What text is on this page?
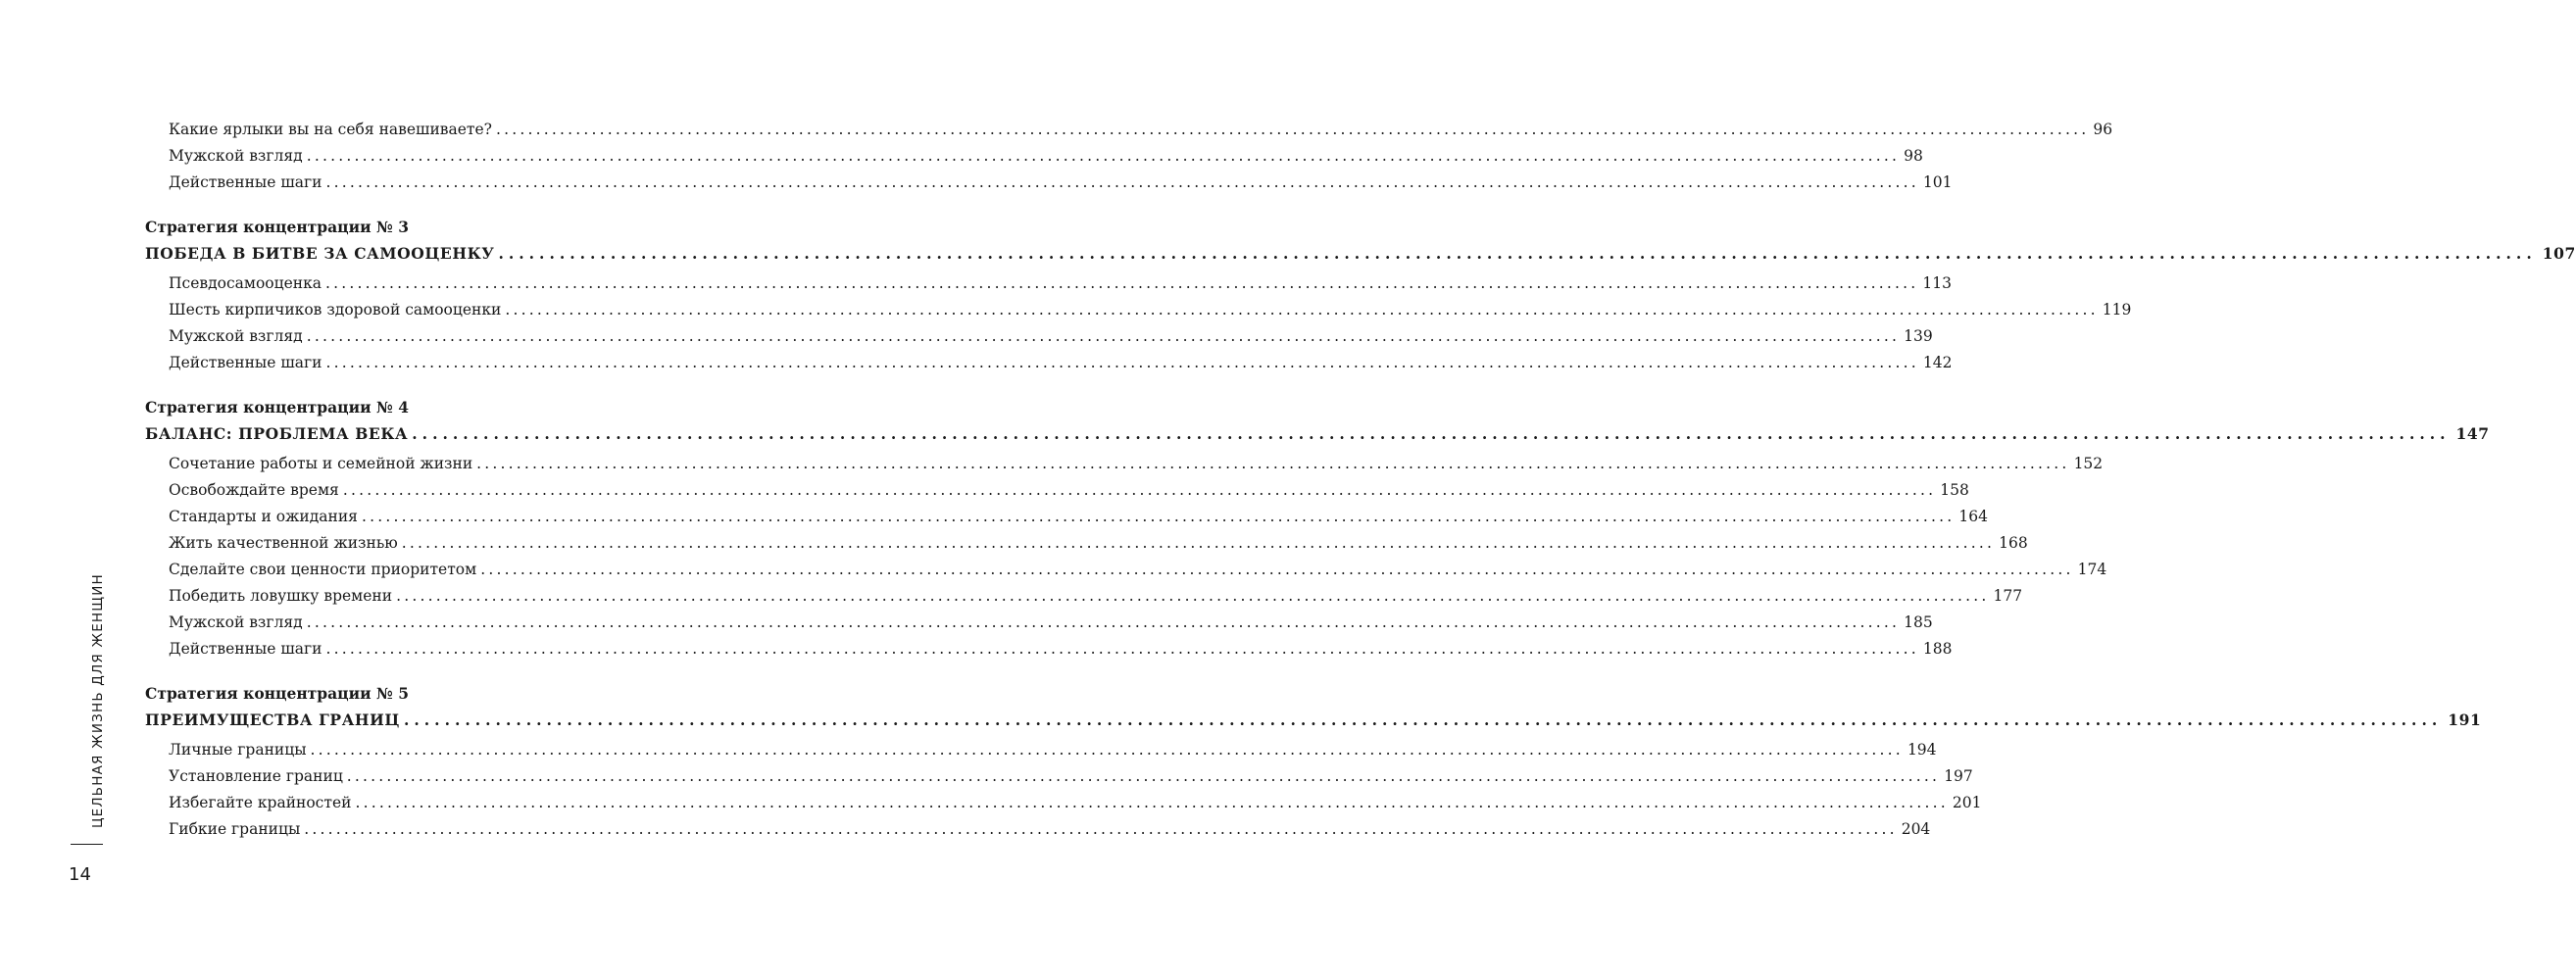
Какие ярлыки вы на себя навешиваете? ........................................................................................................................................................................................................ 96
Мужской взгляд ........................................................................................................................................................................................................ 98
Действенные шаги ........................................................................................................................................................................................................ 101
Стратегия концентрации № 3
ПОБЕДА В БИТВЕ ЗА САМООЦЕНКУ ........................................................................................................................................................................................................ 107
Псевдосамооценка ........................................................................................................................................................................................................ 113
Шесть кирпичиков здоровой самооценки ........................................................................................................................................................................................................ 119
Мужской взгляд ........................................................................................................................................................................................................ 139
Действенные шаги ........................................................................................................................................................................................................ 142
Стратегия концентрации № 4
БАЛАНС: ПРОБЛЕМА ВЕКА ........................................................................................................................................................................................................ 147
Сочетание работы и семейной жизни ........................................................................................................................................................................................................ 152
Освобождайте время ........................................................................................................................................................................................................ 158
Стандарты и ожидания ........................................................................................................................................................................................................ 164
Жить качественной жизнью ........................................................................................................................................................................................................ 168
Сделайте свои ценности приоритетом ........................................................................................................................................................................................................ 174
Победить ловушку времени ........................................................................................................................................................................................................ 177
Мужской взгляд ........................................................................................................................................................................................................ 185
Действенные шаги ........................................................................................................................................................................................................ 188
Стратегия концентрации № 5
ПРЕИМУЩЕСТВА ГРАНИЦ ........................................................................................................................................................................................................ 191
Личные границы ........................................................................................................................................................................................................ 194
Установление границ ........................................................................................................................................................................................................ 197
Избегайте крайностей ........................................................................................................................................................................................................ 201
Гибкие границы ........................................................................................................................................................................................................ 204
ЦЕЛЬНАЯ ЖИЗНЬ ДЛЯ ЖЕНЩИН
14
